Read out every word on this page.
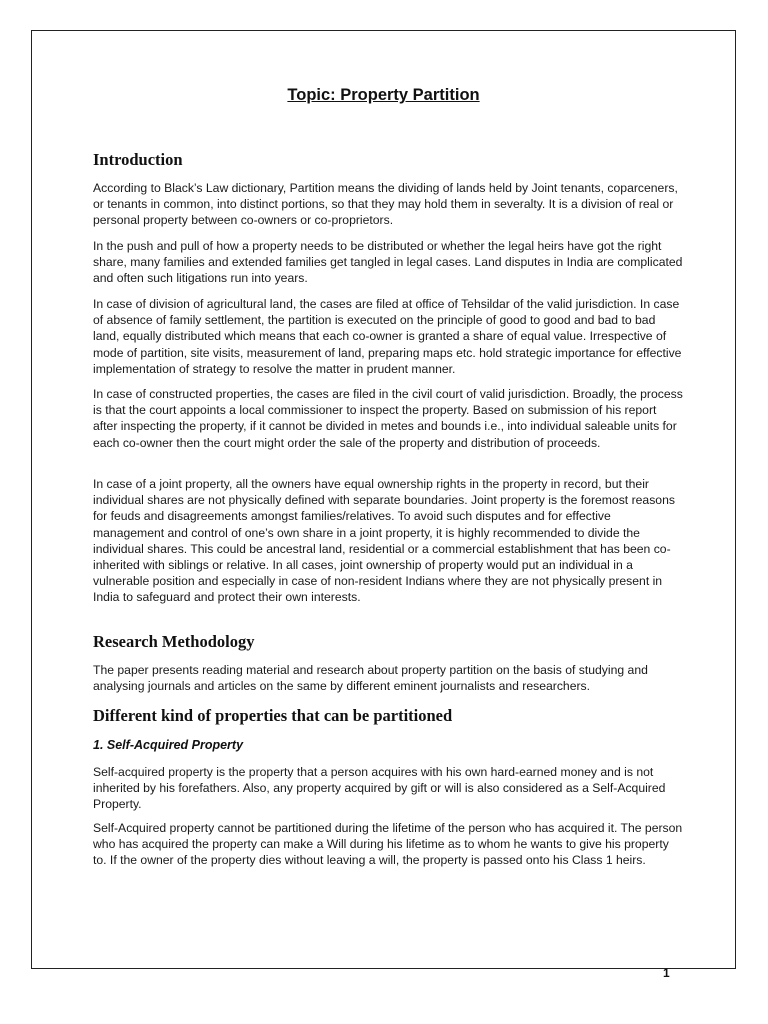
Topic: Property Partition
Introduction

According to Black’s Law dictionary, Partition means the dividing of lands held by Joint tenants, coparceners, or tenants in common, into distinct portions, so that they may hold them in severalty. It is a division of real or personal property between co-owners or co-proprietors.

In the push and pull of how a property needs to be distributed or whether the legal heirs have got the right share, many families and extended families get tangled in legal cases. Land disputes in India are complicated and often such litigations run into years.

In case of division of agricultural land, the cases are filed at office of Tehsildar of the valid jurisdiction. In case of absence of family settlement, the partition is executed on the principle of good to good and bad to bad land, equally distributed which means that each co-owner is granted a share of equal value. Irrespective of mode of partition, site visits, measurement of land, preparing maps etc. hold strategic importance for effective implementation of strategy to resolve the matter in prudent manner.

In case of constructed properties, the cases are filed in the civil court of valid jurisdiction. Broadly, the process is that the court appoints a local commissioner to inspect the property. Based on submission of his report after inspecting the property, if it cannot be divided in metes and bounds i.e., into individual saleable units for each co-owner then the court might order the sale of the property and distribution of proceeds.

In case of a joint property, all the owners have equal ownership rights in the property in record, but their individual shares are not physically defined with separate boundaries. Joint property is the foremost reasons for feuds and disagreements amongst families/relatives. To avoid such disputes and for effective management and control of one’s own share in a joint property, it is highly recommended to divide the individual shares. This could be ancestral land, residential or a commercial establishment that has been co-inherited with siblings or relative. In all cases, joint ownership of property would put an individual in a vulnerable position and especially in case of non-resident Indians where they are not physically present in India to safeguard and protect their own interests.

Research Methodology

The paper presents reading material and research about property partition on the basis of studying and analysing journals and articles on the same by different eminent journalists and researchers.

Different kind of properties that can be partitioned
1. Self-Acquired Property

Self-acquired property is the property that a person acquires with his own hard-earned money and is not inherited by his forefathers. Also, any property acquired by gift or will is also considered as a Self-Acquired Property.

Self-Acquired property cannot be partitioned during the lifetime of the person who has acquired it. The person who has acquired the property can make a Will during his lifetime as to whom he wants to give his property to. If the owner of the property dies without leaving a will, the property is passed onto his Class 1 heirs.

1
